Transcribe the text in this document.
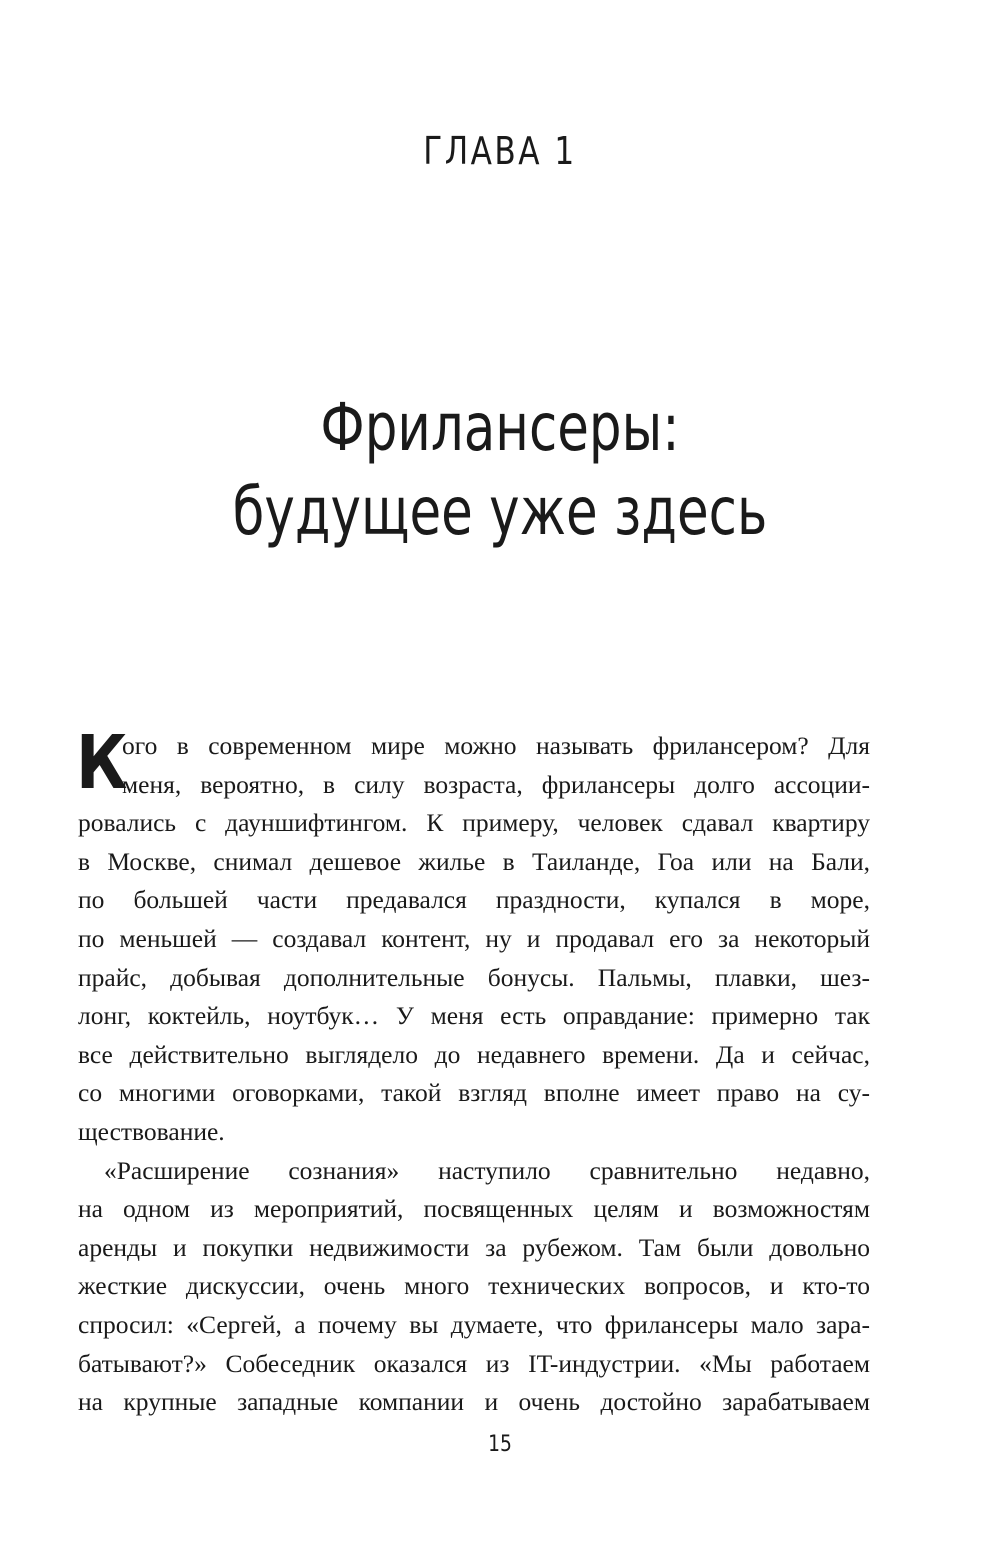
ГЛАВА 1
Фрилансеры:
будущее уже здесь

К
ого в современном мире можно называть фрилансером? Для
меня, вероятно, в силу возраста, фрилансеры долго ассоции-
ровались с дауншифтингом. К примеру, человек сдавал квартиру
в Москве, снимал дешевое жилье в Таиланде, Гоа или на Бали,
по большей части предавался праздности, купался в море,
по меньшей — создавал контент, ну и продавал его за некоторый
прайс, добывая дополнительные бонусы. Пальмы, плавки, шез-
лонг, коктейль, ноутбук… У меня есть оправдание: примерно так
все действительно выглядело до недавнего времени. Да и сейчас,
со многими оговорками, такой взгляд вполне имеет право на су-
ществование.

«Расширение сознания» наступило сравнительно недавно,
на одном из мероприятий, посвященных целям и возможностям
аренды и покупки недвижимости за рубежом. Там были довольно
жесткие дискуссии, очень много технических вопросов, и кто-то
спросил: «Сергей, а почему вы думаете, что фрилансеры мало зара-
батывают?» Собеседник оказался из IT-индустрии. «Мы работаем
на крупные западные компании и очень достойно зарабатываем

15
